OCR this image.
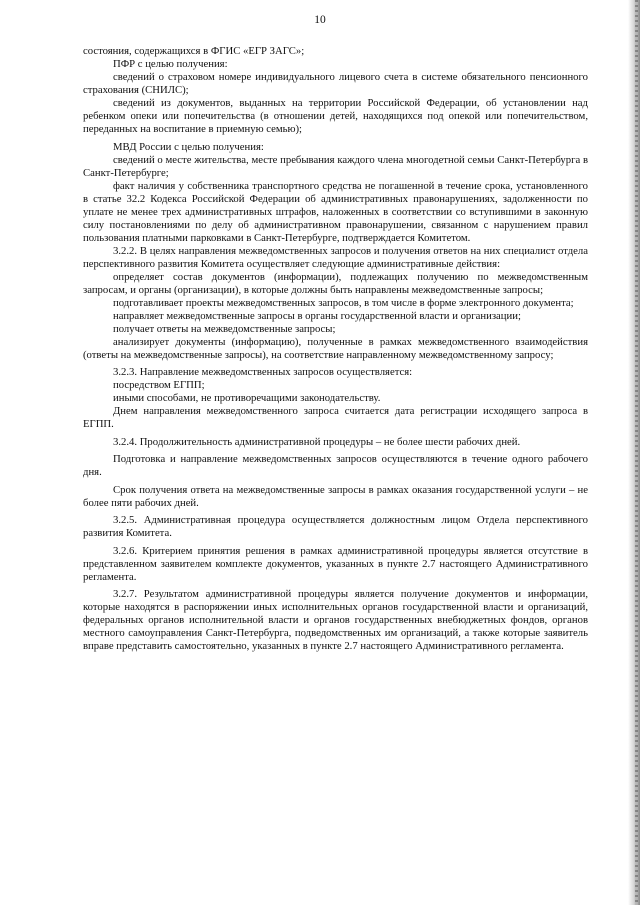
10

состояния, содержащихся в ФГИС «ЕГР ЗАГС»;

ПФР с целью получения:

сведений о страховом номере индивидуального лицевого счета в системе обязательного пенсионного страхования (СНИЛС);

сведений из документов, выданных на территории Российской Федерации, об установлении над ребенком опеки или попечительства (в отношении детей, находящихся под опекой или попечительством, переданных на воспитание в приемную семью);

МВД России с целью получения:

сведений о месте жительства, месте пребывания каждого члена многодетной семьи Санкт-Петербурга в Санкт-Петербурге;

факт наличия у собственника транспортного средства не погашенной в течение срока, установленного в статье 32.2 Кодекса Российской Федерации об административных правонарушениях, задолженности по уплате не менее трех административных штрафов, наложенных в соответствии со вступившими в законную силу постановлениями по делу об административном правонарушении, связанном с нарушением правил пользования платными парковками в Санкт-Петербурге, подтверждается Комитетом.

3.2.2. В целях направления межведомственных запросов и получения ответов на них специалист отдела перспективного развития Комитета осуществляет следующие административные действия:

определяет состав документов (информации), подлежащих получению по межведомственным запросам, и органы (организации), в которые должны быть направлены межведомственные запросы;

подготавливает проекты межведомственных запросов, в том числе в форме электронного документа;

направляет межведомственные запросы в органы государственной власти и организации;

получает ответы на межведомственные запросы;

анализирует документы (информацию), полученные в рамках межведомственного взаимодействия (ответы на межведомственные запросы), на соответствие направленному межведомственному запросу;

3.2.3. Направление межведомственных запросов осуществляется:

посредством ЕГПП;

иными способами, не противоречащими законодательству.

Днем направления межведомственного запроса считается дата регистрации исходящего запроса в ЕГПП.

3.2.4. Продолжительность административной процедуры – не более шести рабочих дней.

Подготовка и направление межведомственных запросов осуществляются в течение одного рабочего дня.

Срок получения ответа на межведомственные запросы в рамках оказания государственной услуги – не более пяти рабочих дней.

3.2.5. Административная процедура осуществляется должностным лицом Отдела перспективного развития Комитета.

3.2.6. Критерием принятия решения в рамках административной процедуры является отсутствие в представленном заявителем комплекте документов, указанных в пункте 2.7 настоящего Административного регламента.

3.2.7. Результатом административной процедуры является получение документов и информации, которые находятся в распоряжении иных исполнительных органов государственной власти и организаций, федеральных органов исполнительной власти и органов государственных внебюджетных фондов, органов местного самоуправления Санкт-Петербурга, подведомственных им организаций, а также которые заявитель вправе представить самостоятельно, указанных в пункте 2.7 настоящего Административного регламента.
